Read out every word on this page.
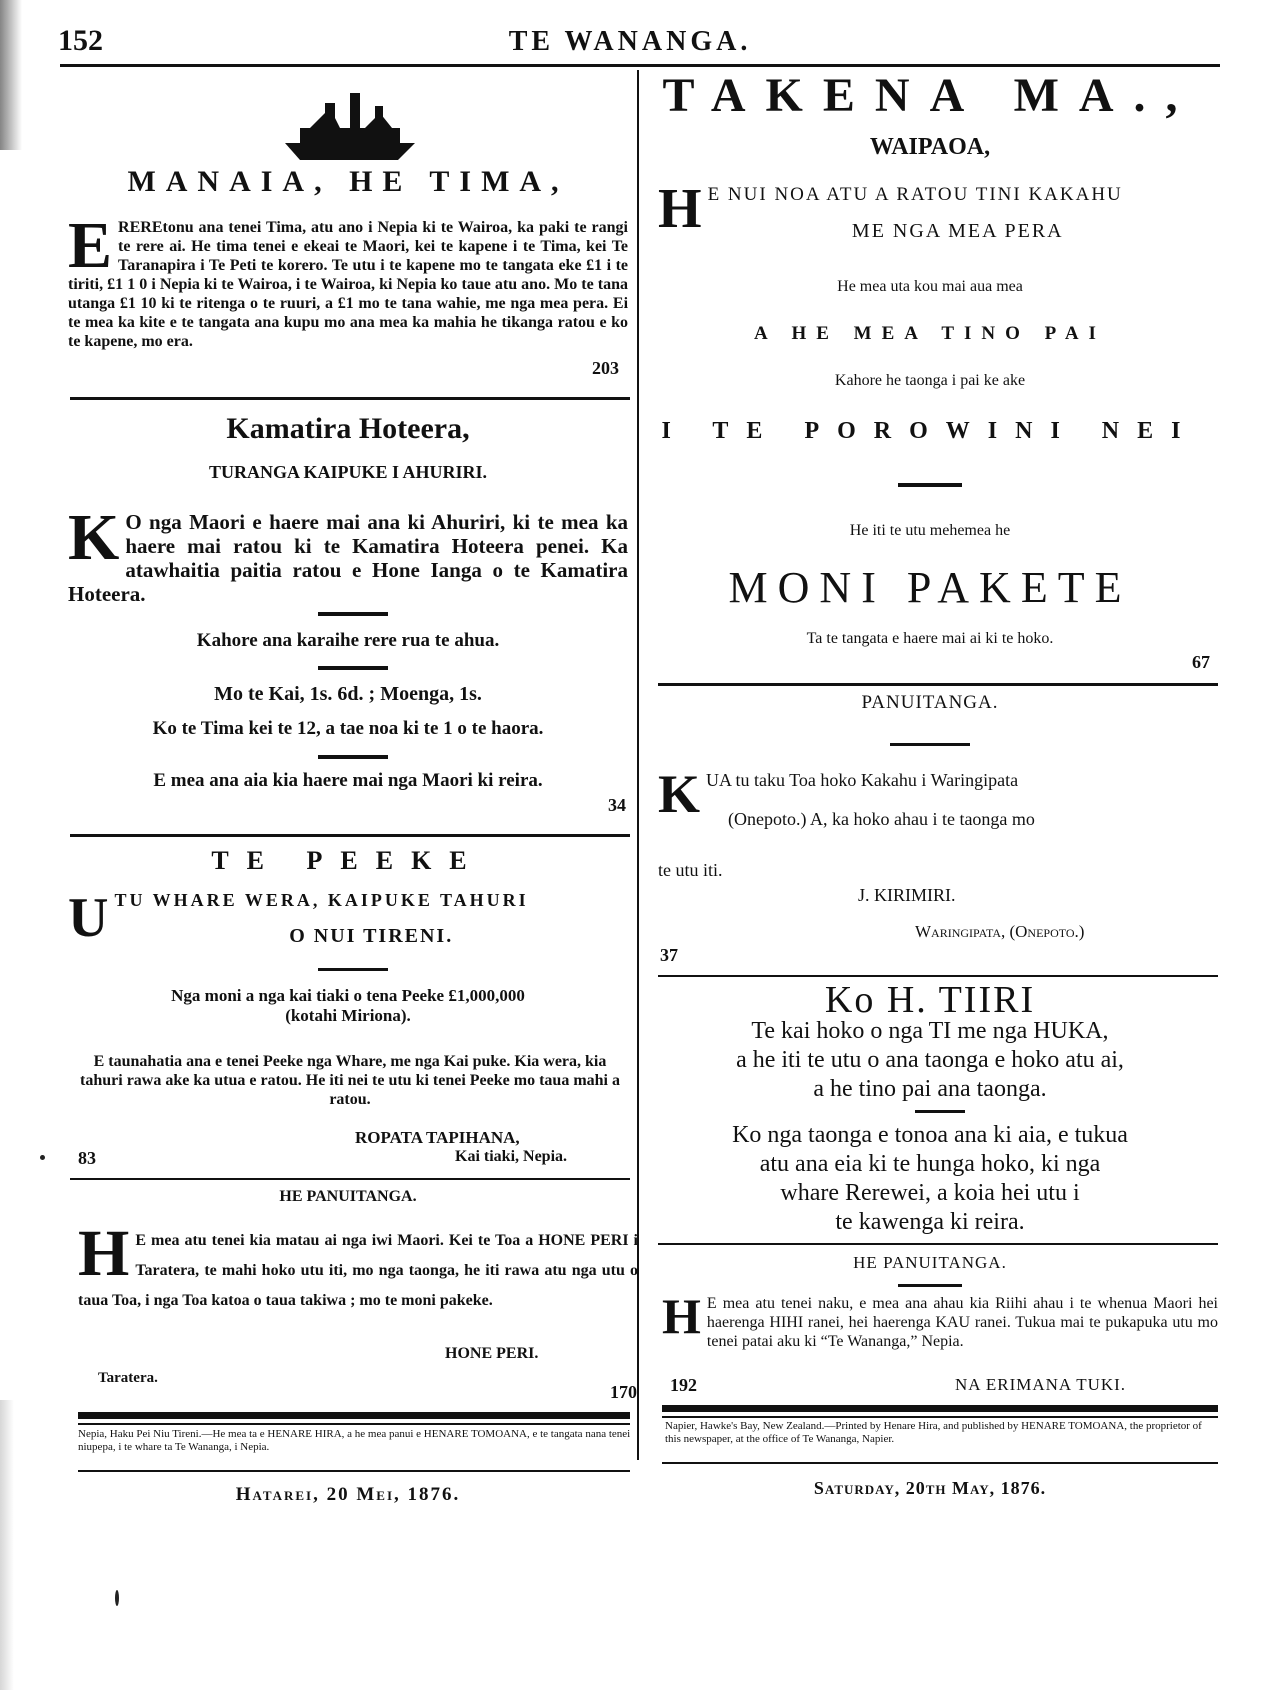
152	TE WANANGA.
MANAIA, HE TIMA,
E REREtonu ana tenei Tima, atu ano i Nepia ki te Wairoa, ka paki te rangi te rere ai. He tima tenei e ekeai te Maori, kei te kapene i te Tima, kei Te Taranapira i Te Peti te korero. Te utu i te kapene mo te tangata eke £1 i te tiriti, £1 1 0 i Nepia ki te Wairoa, i te Wairoa, ki Nepia ko taue atu ano. Mo te tana utanga £1 10 ki te ritenga o te ruuri, a £1 mo te tana wahie, me nga mea pera. Ei te mea ka kite e te tangata ana kupu mo ana mea ka mahia he tikanga ratou e ko te kapene, mo era.
203
Kamatira Hoteera,
TURANGA KAIPUKE I AHURIRI.
K O nga Maori e haere mai ana ki Ahuriri, ki te mea ka haere mai ratou ki te Kamatira Hoteera penei. Ka atawhaitia paitia ratou e Hone Ianga o te Kamatira Hoteera.
Kahore ana karaihe rere rua te ahua.
Mo te Kai, 1s. 6d. ; Moenga, 1s.
Ko te Tima kei te 12, a tae noa ki te 1 o te haora.
E mea ana aia kia haere mai nga Maori ki reira.
34
TE PEEKE
U TU WHARE WERA, KAIPUKE TAHURI
O NUI TIRENI.
Nga moni a nga kai tiaki o tena Peeke £1,000,000
(kotahi Miriona).
E taunahatia ana e tenei Peeke nga Whare, me nga Kai puke. Kia wera, kia tahuri rawa ake ka utua e ratou. He iti nei te utu ki tenei Peeke mo taua mahi a ratou.
ROPATA TAPIHANA,
83	Kai tiaki, Nepia.
HE PANUITANGA.
H E mea atu tenei kia matau ai nga iwi Maori. Kei te Toa a HONE PERI i Taratera, te mahi hoko utu iti, mo nga taonga, he iti rawa atu nga utu o taua Toa, i nga Toa katoa o taua takiwa ; mo te moni pakeke.
HONE PERI.
Taratera.
170
Nepia, Haku Pei Niu Tireni.—He mea ta e HENARE HIRA, a he mea panui e HENARE TOMOANA, e te tangata nana tenei niupepa, i te whare ta Te Wananga, i Nepia.
Hatarei, 20 Mei, 1876.
TAKENA MA.,
WAIPAOA,
H E NUI NOA ATU A RATOU TINI KAKAHU
ME NGA MEA PERA
He mea uta kou mai aua mea
A HE MEA TINO PAI
Kahore he taonga i pai ke ake
I TE POROWINI NEI
He iti te utu mehemea he
MONI PAKETE
Ta te tangata e haere mai ai ki te hoko.
67
PANUITANGA.
K UA tu taku Toa hoko Kakahu i Waringipata
(Onepoto.) A, ka hoko ahau i te taonga mo
te utu iti.
J. KIRIMIRI.
Waringipata, (Onepoto.)
37
Ko H. TIIRI
Te kai hoko o nga TI me nga HUKA,
a he iti te utu o ana taonga e hoko atu ai,
a he tino pai ana taonga.
Ko nga taonga e tonoa ana ki aia, e tukua
atu ana eia ki te hunga hoko, ki nga
whare Rerewei, a koia hei utu i
te kawenga ki reira.
HE PANUITANGA.
H E mea atu tenei naku, e mea ana ahau kia Riihi ahau i te whenua Maori hei haerenga HIHI ranei, hei haerenga KAU ranei. Tukua mai te pukapuka utu mo tenei patai aku ki “Te Wananga,” Nepia.
192	NA ERIMANA TUKI.
Napier, Hawke's Bay, New Zealand.—Printed by Henare Hira, and published by HENARE TOMOANA, the proprietor of this newspaper, at the office of Te Wananga, Napier.
Saturday, 20th May, 1876.
